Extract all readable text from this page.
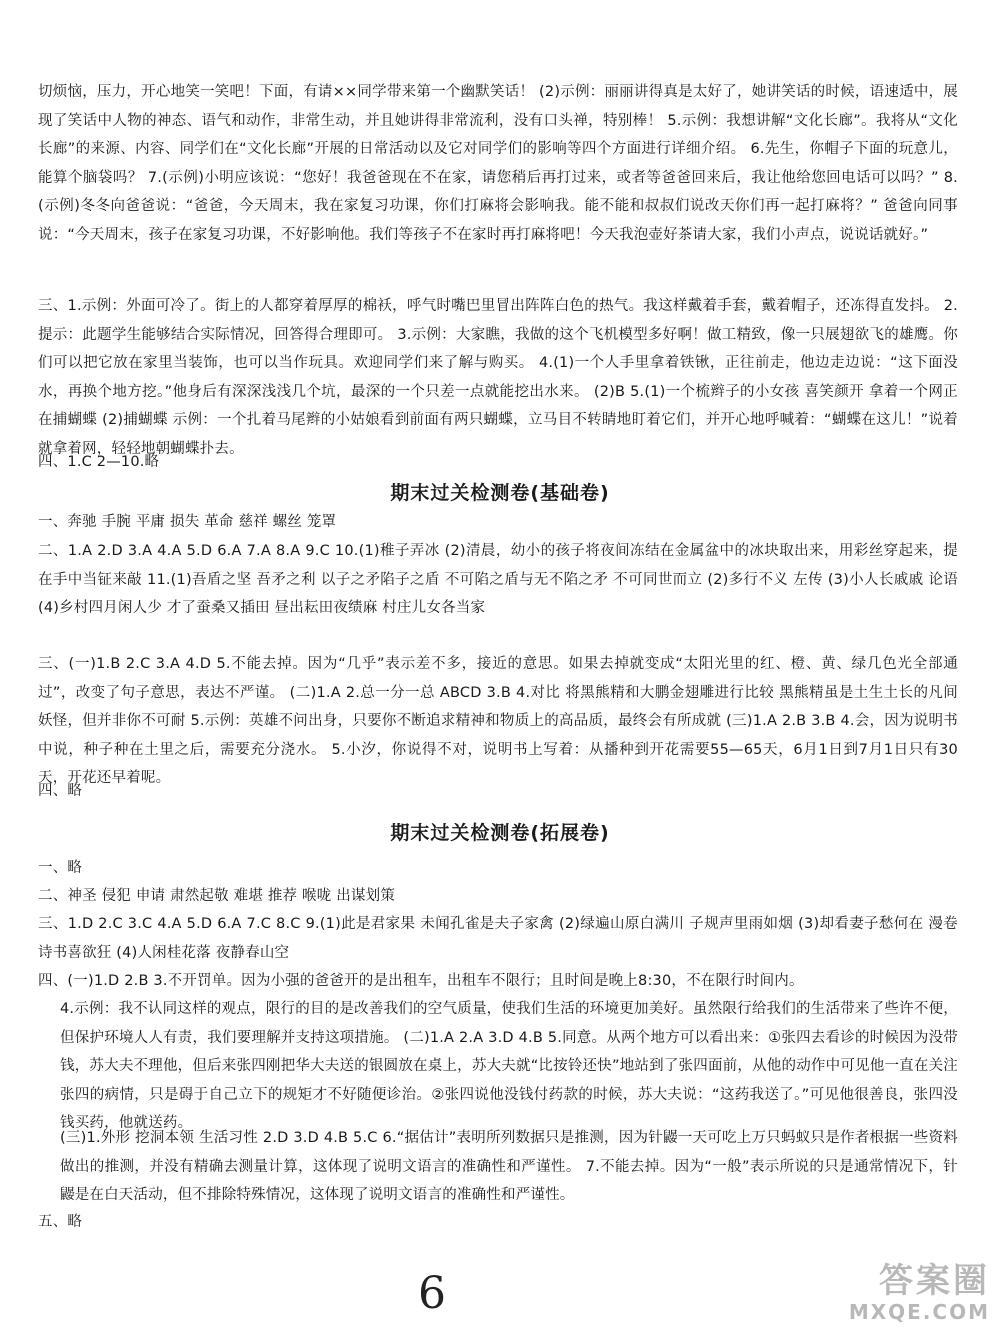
切烦恼，压力，开心地笑一笑吧！下面，有请××同学带来第一个幽默笑话！ (2)示例：丽丽讲得真是太好了，她讲笑话的时候，语速适中，展现了笑话中人物的神态、语气和动作，非常生动，并且她讲得非常流利，没有口头禅，特别棒！ 5.示例：我想讲解“文化长廊”。我将从“文化长廊”的来源、内容、同学们在“文化长廊”开展的日常活动以及它对同学们的影响等四个方面进行详细介绍。 6.先生，你帽子下面的玩意儿，能算个脑袋吗？ 7.(示例)小明应该说：“您好！我爸爸现在不在家，请您稍后再打过来，或者等爸爸回来后，我让他给您回电话可以吗？” 8.(示例)冬冬向爸爸说：“爸爸，今天周末，我在家复习功课，你们打麻将会影响我。能不能和叔叔们说改天你们再一起打麻将？” 爸爸向同事说：“今天周末，孩子在家复习功课，不好影响他。我们等孩子不在家时再打麻将吧！今天我泡壶好茶请大家，我们小声点，说说话就好。”

三、1.示例：外面可冷了。街上的人都穿着厚厚的棉袄，呼气时嘴巴里冒出阵阵白色的热气。我这样戴着手套，戴着帽子，还冻得直发抖。 2.提示：此题学生能够结合实际情况，回答得合理即可。 3.示例：大家瞧，我做的这个飞机模型多好啊！做工精致，像一只展翅欲飞的雄鹰。你们可以把它放在家里当装饰，也可以当作玩具。欢迎同学们来了解与购买。 4.(1)一个人手里拿着铁锹，正往前走，他边走边说：“这下面没水，再换个地方挖。”他身后有深深浅浅几个坑，最深的一个只差一点就能挖出水来。 (2)B 5.(1)一个梳辫子的小女孩 喜笑颜开 拿着一个网正在捕蝴蝶 (2)捕蝴蝶 示例：一个扎着马尾辫的小姑娘看到前面有两只蝴蝶，立马目不转睛地盯着它们，并开心地呼喊着：“蝴蝶在这儿！”说着就拿着网，轻轻地朝蝴蝶扑去。

四、1.C 2—10.略

期末过关检测卷(基础卷)

一、奔驰 手腕 平庸 损失 革命 慈祥 螺丝 笼罩

二、1.A 2.D 3.A 4.A 5.D 6.A 7.A 8.A 9.C 10.(1)稚子弄冰 (2)清晨，幼小的孩子将夜间冻结在金属盆中的冰块取出来，用彩丝穿起来，提在手中当钲来敲 11.(1)吾盾之坚 吾矛之利 以子之矛陷子之盾 不可陷之盾与无不陷之矛 不可同世而立 (2)多行不义 左传 (3)小人长戚戚 论语 (4)乡村四月闲人少 才了蚕桑又插田 昼出耘田夜绩麻 村庄儿女各当家

三、(一)1.B 2.C 3.A 4.D 5.不能去掉。因为“几乎”表示差不多，接近的意思。如果去掉就变成“太阳光里的红、橙、黄、绿几色光全部通过”，改变了句子意思，表达不严谨。 (二)1.A 2.总一分一总 ABCD 3.B 4.对比 将黑熊精和大鹏金翅雕进行比较 黑熊精虽是土生土长的凡间妖怪，但并非你不可耐 5.示例：英雄不问出身，只要你不断追求精神和物质上的高品质，最终会有所成就 (三)1.A 2.B 3.B 4.会，因为说明书中说，种子种在土里之后，需要充分浇水。 5.小汐，你说得不对，说明书上写着：从播种到开花需要55—65天，6月1日到7月1日只有30天，开花还早着呢。

四、略

期末过关检测卷(拓展卷)

一、略

二、神圣 侵犯 申请 肃然起敬 难堪 推荐 喉咙 出谋划策

三、1.D 2.C 3.C 4.A 5.D 6.A 7.C 8.C 9.(1)此是君家果 未闻孔雀是夫子家禽 (2)绿遍山原白满川 子规声里雨如烟 (3)却看妻子愁何在 漫卷诗书喜欲狂 (4)人闲桂花落 夜静春山空

四、(一)1.D 2.B 3.不开罚单。因为小强的爸爸开的是出租车，出租车不限行；且时间是晚上8:30，不在限行时间内。

4.示例：我不认同这样的观点，限行的目的是改善我们的空气质量，使我们生活的环境更加美好。虽然限行给我们的生活带来了些许不便，但保护环境人人有责，我们要理解并支持这项措施。 (二)1.A 2.A 3.D 4.B 5.同意。从两个地方可以看出来：①张四去看诊的时候因为没带钱，苏大夫不理他，但后来张四刚把华大夫送的银圆放在桌上，苏大夫就“比按铃还快”地站到了张四面前，从他的动作中可见他一直在关注张四的病情，只是碍于自己立下的规矩才不好随便诊治。②张四说他没钱付药款的时候，苏大夫说：“这药我送了。”可见他很善良，张四没钱买药，他就送药。

(三)1.外形 挖洞本领 生活习性 2.D 3.D 4.B 5.C 6.“据估计”表明所列数据只是推测，因为针鼹一天可吃上万只蚂蚁只是作者根据一些资料做出的推测，并没有精确去测量计算，这体现了说明文语言的准确性和严谨性。 7.不能去掉。因为“一般”表示所说的只是通常情况下，针鼹是在白天活动，但不排除特殊情况，这体现了说明文语言的准确性和严谨性。

五、略

6	答案圈
MXQE.COM
